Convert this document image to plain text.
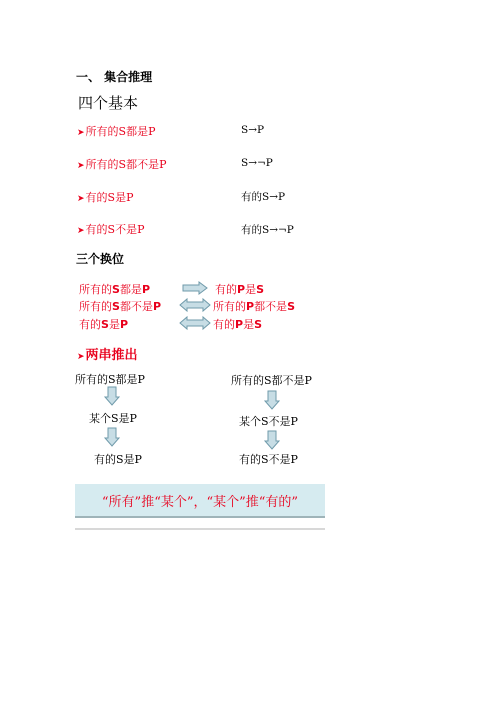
一、 集合推理
四个基本
➤所有的S都是P	S→P
➤所有的S都不是P	S→¬P
➤有的S是P	有的S→P
➤有的S不是P	有的S→¬P
三个换位
所有的S都是P	有的P是S
所有的S都不是P	所有的P都不是S
有的S是P	有的P是S
➤两串推出
所有的S都是P
某个S是P
有的S是P
所有的S都不是P
某个S不是P
有的S不是P
“所有”推“某个”，“某个”推“有的”
